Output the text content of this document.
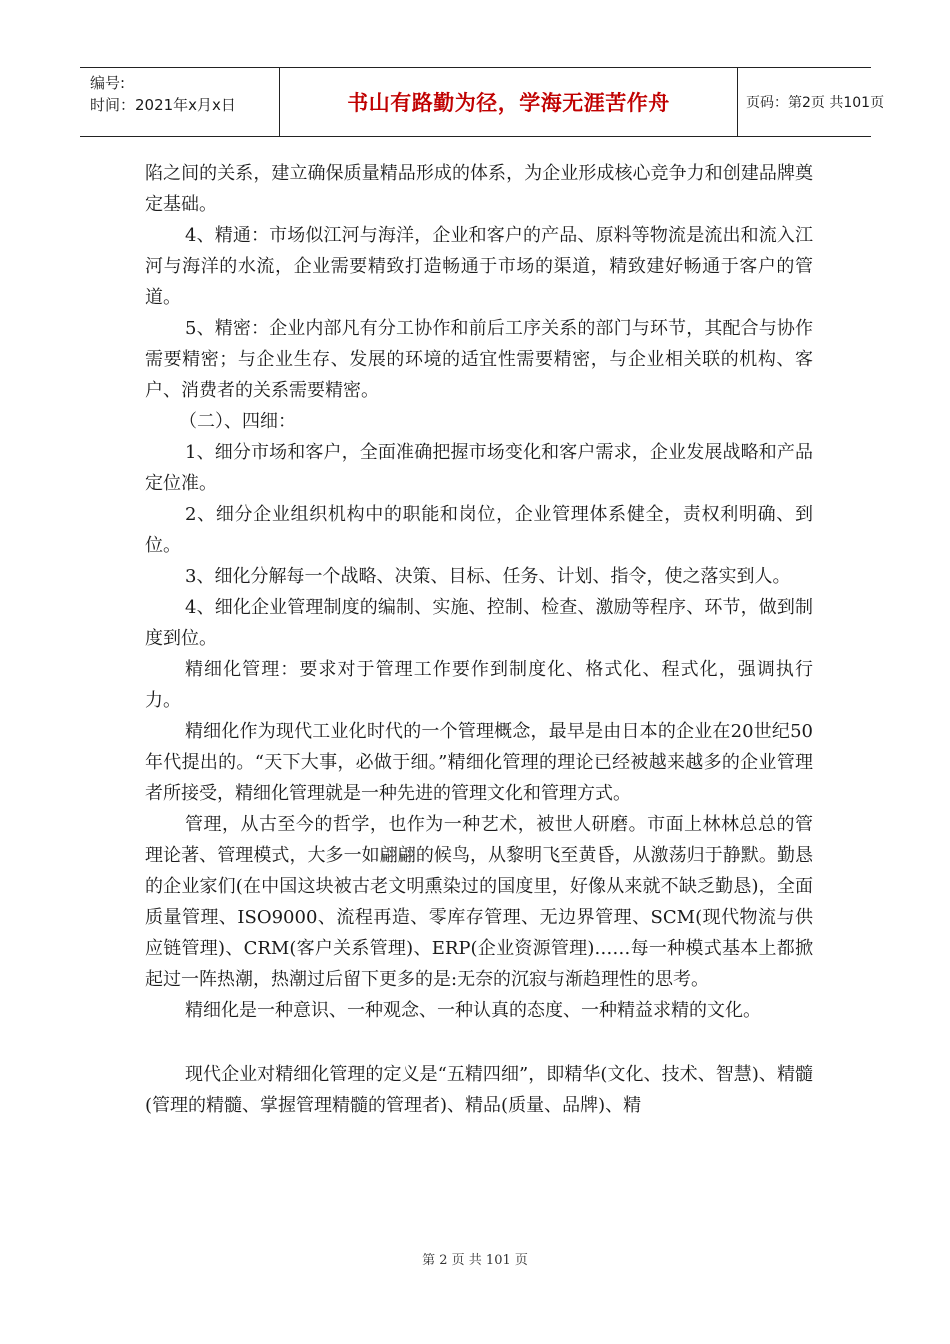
编号:
时间：2021年x月x日	书山有路勤为径，学海无涯苦作舟	页码：第2页 共101页

陷之间的关系，建立确保质量精品形成的体系，为企业形成核心竞争力和创建品牌奠定基础。

4、精通：市场似江河与海洋，企业和客户的产品、原料等物流是流出和流入江河与海洋的水流，企业需要精致打造畅通于市场的渠道，精致建好畅通于客户的管道。

5、精密：企业内部凡有分工协作和前后工序关系的部门与环节，其配合与协作需要精密；与企业生存、发展的环境的适宜性需要精密，与企业相关联的机构、客户、消费者的关系需要精密。

（二）、四细：

1、细分市场和客户，全面准确把握市场变化和客户需求，企业发展战略和产品定位准。

2、细分企业组织机构中的职能和岗位，企业管理体系健全，责权利明确、到位。

3、细化分解每一个战略、决策、目标、任务、计划、指令，使之落实到人。

4、细化企业管理制度的编制、实施、控制、检查、激励等程序、环节，做到制度到位。

精细化管理：要求对于管理工作要作到制度化、格式化、程式化，强调执行力。

精细化作为现代工业化时代的一个管理概念，最早是由日本的企业在20世纪50年代提出的。“天下大事，必做于细。”精细化管理的理论已经被越来越多的企业管理者所接受，精细化管理就是一种先进的管理文化和管理方式。

管理，从古至今的哲学，也作为一种艺术，被世人研磨。市面上林林总总的管理论著、管理模式，大多一如翩翩的候鸟，从黎明飞至黄昏，从激荡归于静默。勤恳的企业家们(在中国这块被古老文明熏染过的国度里，好像从来就不缺乏勤恳)，全面质量管理、ISO9000、流程再造、零库存管理、无边界管理、SCM(现代物流与供应链管理)、CRM(客户关系管理)、ERP(企业资源管理)……每一种模式基本上都掀起过一阵热潮，热潮过后留下更多的是:无奈的沉寂与渐趋理性的思考。

精细化是一种意识、一种观念、一种认真的态度、一种精益求精的文化。

现代企业对精细化管理的定义是“五精四细”，即精华(文化、技术、智慧)、精髓(管理的精髓、掌握管理精髓的管理者)、精品(质量、品牌)、精

第 2 页 共 101 页
